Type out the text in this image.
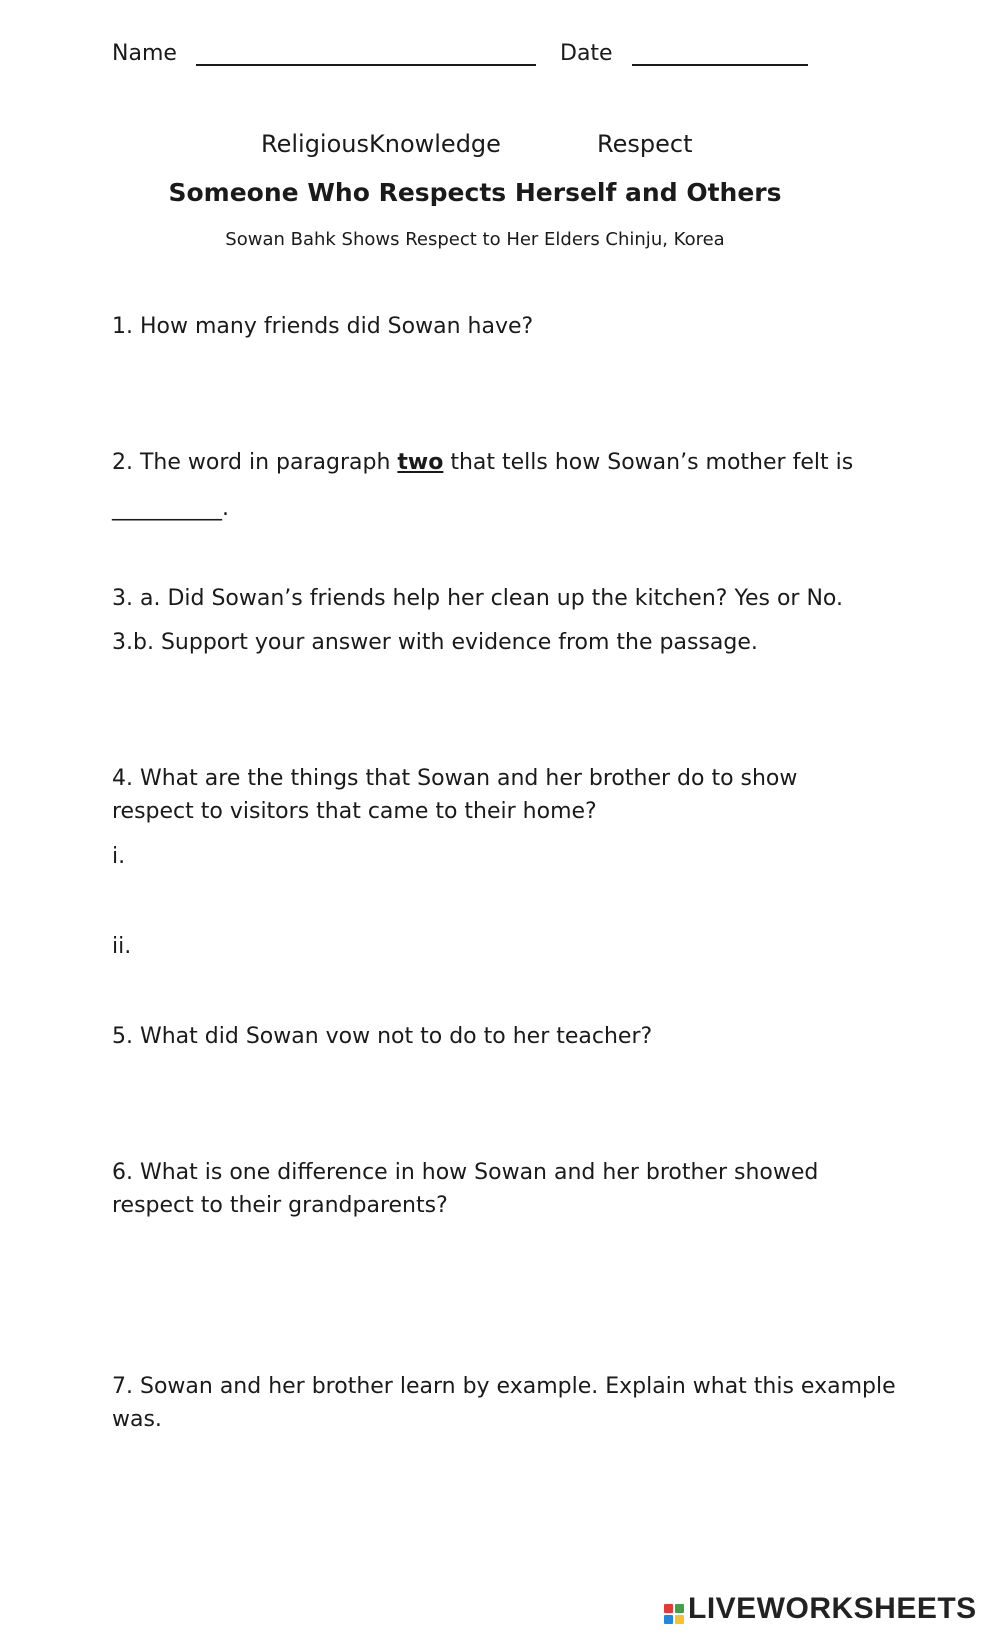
Name	Date
ReligiousKnowledge	Respect
Someone Who Respects Herself and Others
Sowan Bahk Shows Respect to Her Elders Chinju, Korea
1. How many friends did Sowan have?
2. The word in paragraph two that tells how Sowan’s mother felt is
__________.
3. a. Did Sowan’s friends help her clean up the kitchen? Yes or No.
3.b. Support your answer with evidence from the passage.
4. What are the things that Sowan and her brother do to show
respect to visitors that came to their home?
i.
ii.
5. What did Sowan vow not to do to her teacher?
6. What is one difference in how Sowan and her brother showed
respect to their grandparents?
7. Sowan and her brother learn by example. Explain what this example
was.
LIVEWORKSHEETS
